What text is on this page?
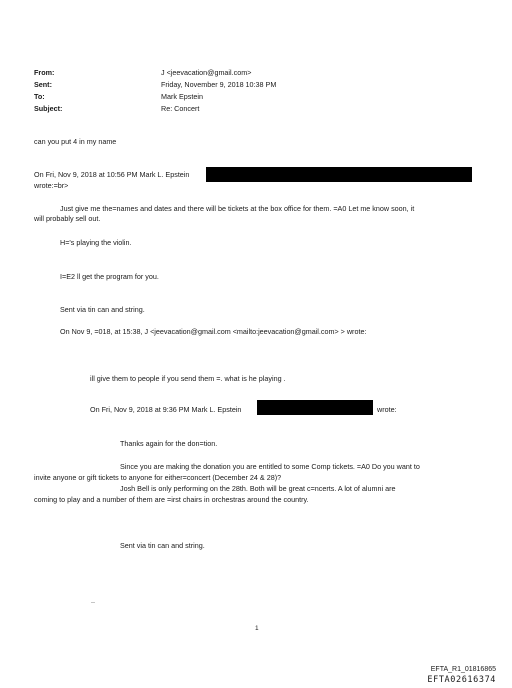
From:
Sent:
To:
Subject:
J <jeevacation@gmail.com>
Friday, November 9, 2018 10:38 PM
Mark Epstein
Re: Concert
can you put 4 in my name
On Fri, Nov 9, 2018 at 10:56 PM Mark L. Epstein
wrote:=br>
Just give me the=names and dates and there will be tickets at the box office for them. =A0 Let me know soon, it
will probably sell out.
H='s playing the violin.
I=E2 ll get the program for you.
Sent via tin can and string.
On Nov 9, =018, at 15:38, J <jeevacation@gmail.com <mailto:jeevacation@gmail.com> > wrote:
ill give them to people if you send them =. what is he playing .
On Fri, Nov 9, 2018 at 9:36 PM Mark L. Epstein	wrote:
Thanks again for the don=tion.
Since you are making the donation you are entitled to some Comp tickets. =A0 Do you want to
invite anyone or gift tickets to anyone for either=concert (December 24 & 28)?
Josh Bell is only performing on the 28th. Both will be great c=ncerts. A lot of alumni are
coming to play and a number of them are =irst chairs in orchestras around the country.
Sent via tin can and string.
..
1
EFTA_R1_01816865
EFTA02616374
